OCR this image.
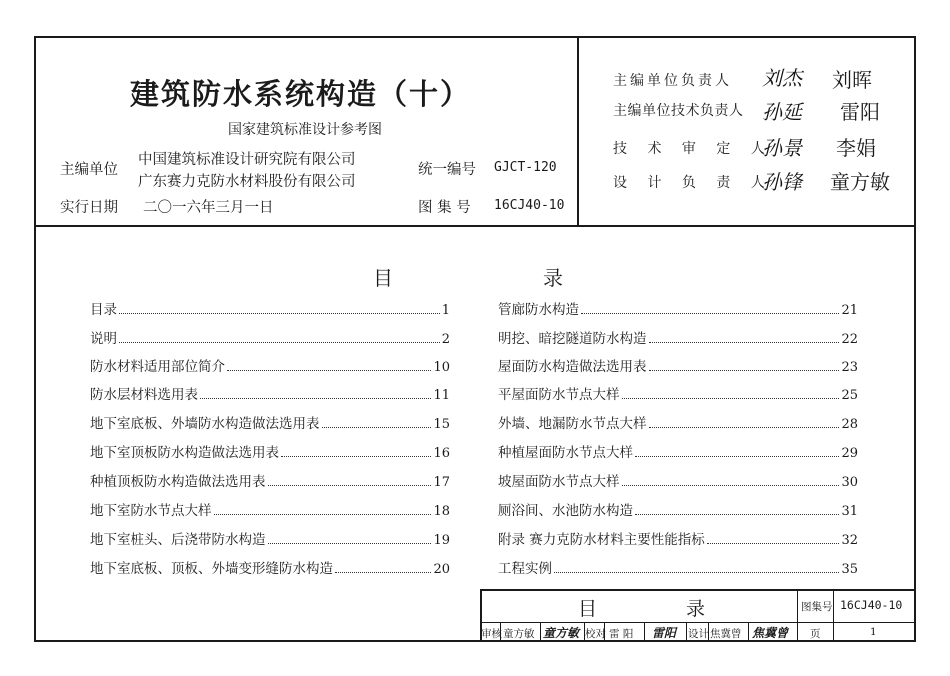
建筑防水系统构造（十）
国家建筑标准设计参考图
主编单位
中国建筑标准设计研究院有限公司
广东赛力克防水材料股份有限公司
实行日期 二〇一六年三月一日
统一编号 GJCT-120
图 集 号 16CJ40-10
主编单位负责人 刘杰 刘晖
主编单位技术负责人 孙延 雷阳
技 术 审 定 人
孙景 李娟
设 计 负 责 人
孙锋 童方敏
目	录
目录	1
说明	2
防水材料适用部位简介	10
防水层材料选用表	11
地下室底板、外墙防水构造做法选用表	15
地下室顶板防水构造做法选用表	16
种植顶板防水构造做法选用表	17
地下室防水节点大样	18
地下室桩头、后浇带防水构造	19
地下室底板、顶板、外墙变形缝防水构造	20
管廊防水构造	21
明挖、暗挖隧道防水构造	22
屋面防水构造做法选用表	23
平屋面防水节点大样	25
外墙、地漏防水节点大样	28
种植屋面防水节点大样	29
坡屋面防水节点大样	30
厕浴间、水池防水构造	31
附录 赛力克防水材料主要性能指标	32
工程实例	35
目	录	图集号 16CJ40-10
审核 童方敏 童方敏 校对 雷 阳 雷阳 设计 焦冀曾 焦冀曾 页	1
